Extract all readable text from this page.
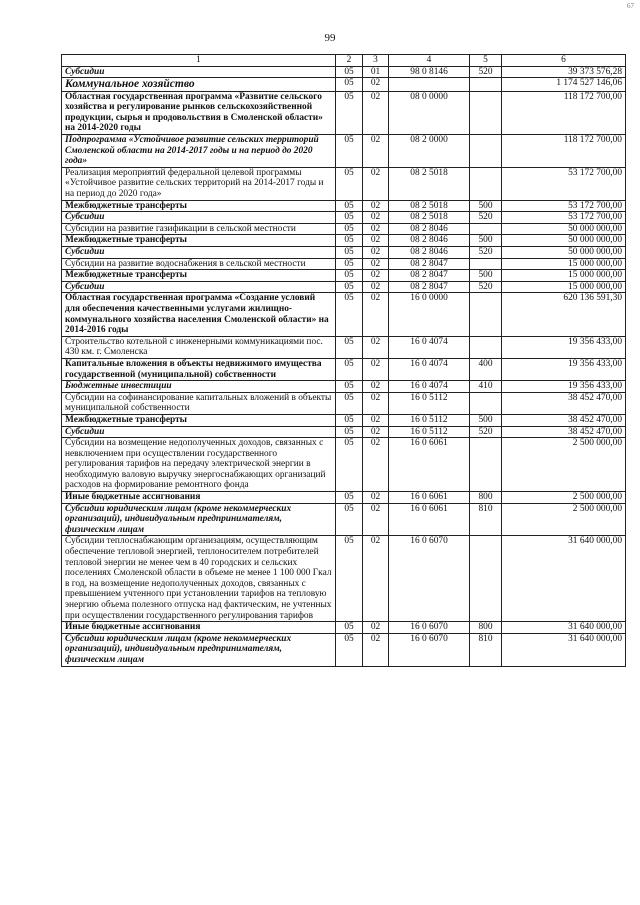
99
67
1	2	3	4	5	6
Субсидии	05	01	98 0 8146	520	39 373 576,28
Коммунальное хозяйство	05	02			1 174 527 146,06
Областная государственная программа «Развитие сельского хозяйства и регулирование рынков сельскохозяйственной продукции, сырья и продовольствия в Смоленской области» на 2014-2020 годы	05	02	08 0 0000		118 172 700,00
Подпрограмма «Устойчивое развитие сельских территорий Смоленской области на 2014-2017 годы и на период до 2020 года»	05	02	08 2 0000		118 172 700,00
Реализация мероприятий федеральной целевой программы «Устойчивое развитие сельских территорий на 2014-2017 годы и на период до 2020 года»	05	02	08 2 5018		53 172 700,00
Межбюджетные трансферты	05	02	08 2 5018	500	53 172 700,00
Субсидии	05	02	08 2 5018	520	53 172 700,00
Субсидии на развитие газификации в сельской местности	05	02	08 2 8046		50 000 000,00
Межбюджетные трансферты	05	02	08 2 8046	500	50 000 000,00
Субсидии	05	02	08 2 8046	520	50 000 000,00
Субсидии на развитие водоснабжения в сельской местности	05	02	08 2 8047		15 000 000,00
Межбюджетные трансферты	05	02	08 2 8047	500	15 000 000,00
Субсидии	05	02	08 2 8047	520	15 000 000,00
Областная государственная программа «Создание условий для обеспечения качественными услугами жилищно-коммунального хозяйства населения Смоленской области» на 2014-2016 годы	05	02	16 0 0000		620 136 591,30
Строительство котельной с инженерными коммуникациями пос. 430 км. г. Смоленска	05	02	16 0 4074		19 356 433,00
Капитальные вложения в объекты недвижимого имущества государственной (муниципальной) собственности	05	02	16 0 4074	400	19 356 433,00
Бюджетные инвестиции	05	02	16 0 4074	410	19 356 433,00
Субсидии на софинансирование капитальных вложений в объекты муниципальной собственности	05	02	16 0 5112		38 452 470,00
Межбюджетные трансферты	05	02	16 0 5112	500	38 452 470,00
Субсидии	05	02	16 0 5112	520	38 452 470,00
Субсидии на возмещение недополученных доходов, связанных с невключением при осуществлении государственного регулирования тарифов на передачу электрической энергии в необходимую валовую выручку энергоснабжающих организаций расходов на формирование ремонтного фонда	05	02	16 0 6061		2 500 000,00
Иные бюджетные ассигнования	05	02	16 0 6061	800	2 500 000,00
Субсидии юридическим лицам (кроме некоммерческих организаций), индивидуальным предпринимателям, физическим лицам	05	02	16 0 6061	810	2 500 000,00
Субсидии теплоснабжающим организациям, осуществляющим обеспечение тепловой энергией, теплоносителем потребителей тепловой энергии не менее чем в 40 городских и сельских поселениях Смоленской области в объеме не менее 1 100 000 Гкал в год, на возмещение недополученных доходов, связанных с превышением учтенного при установлении тарифов на тепловую энергию объема полезного отпуска над фактическим, не учтенных при осуществлении государственного регулирования тарифов	05	02	16 0 6070		31 640 000,00
Иные бюджетные ассигнования	05	02	16 0 6070	800	31 640 000,00
Субсидии юридическим лицам (кроме некоммерческих организаций), индивидуальным предпринимателям, физическим лицам	05	02	16 0 6070	810	31 640 000,00
